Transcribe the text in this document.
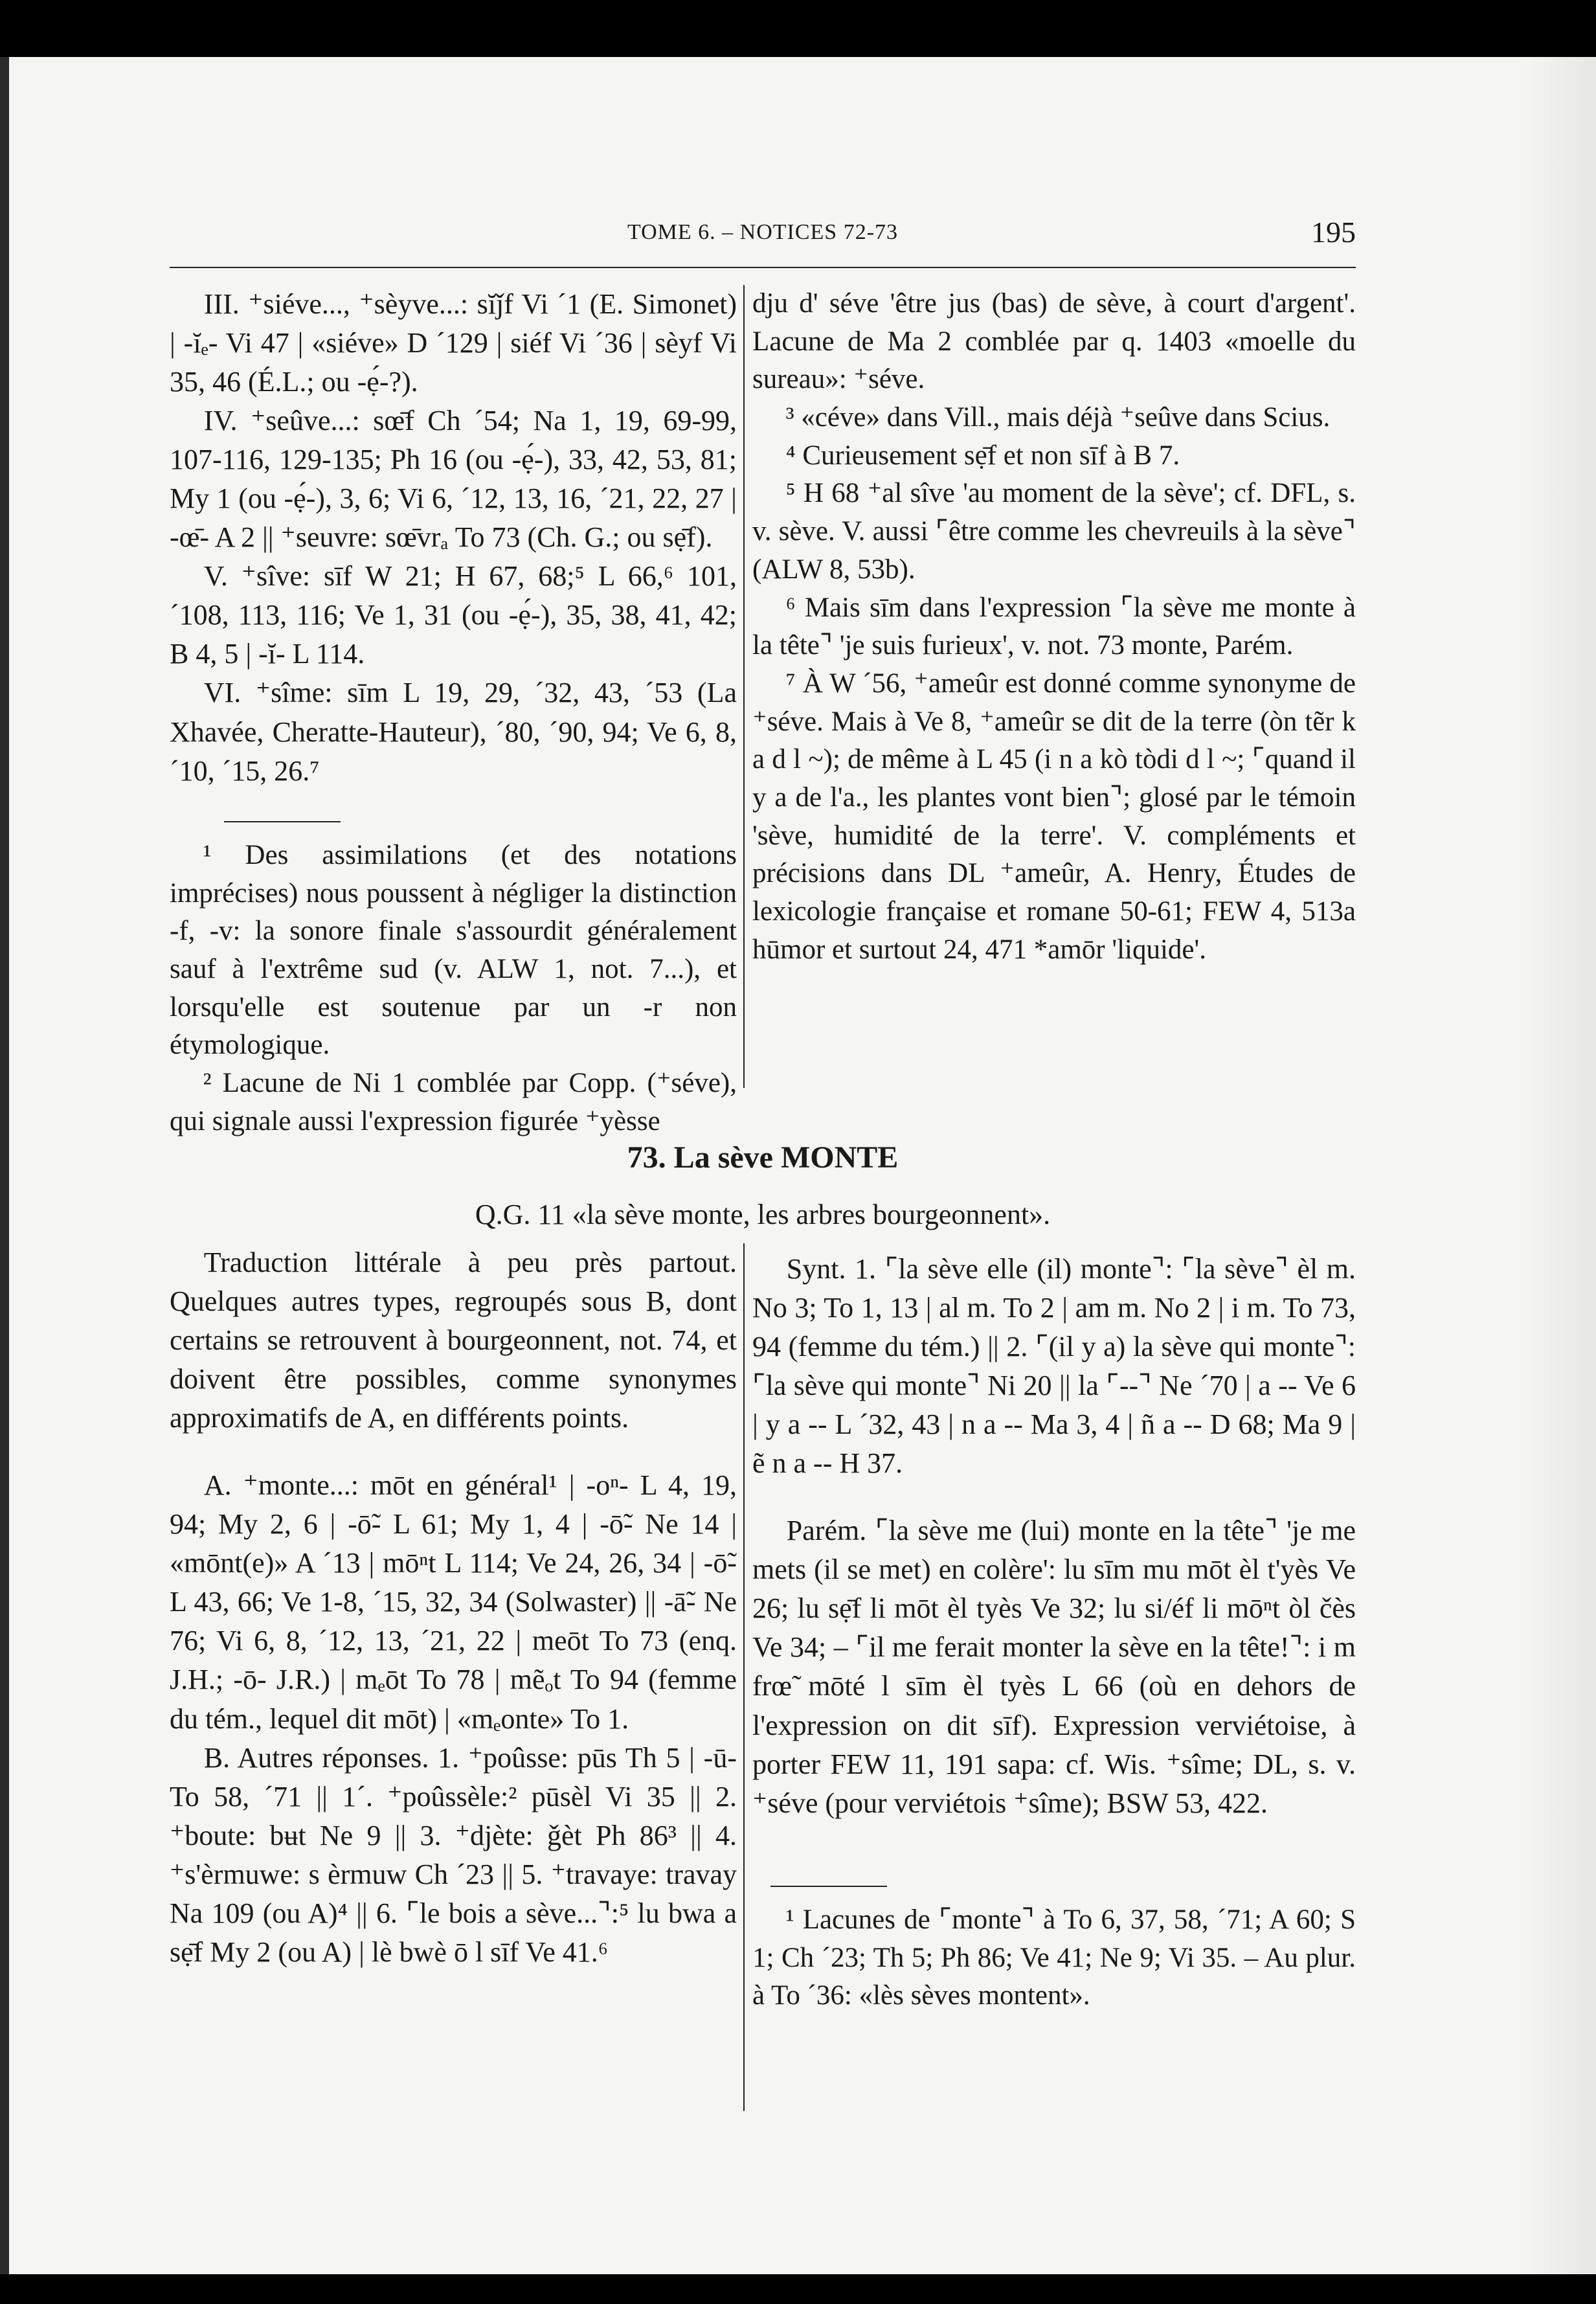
TOME 6. – NOTICES 72-73	195

III. ⁺siéve..., ⁺sèyve...: sĭǰf Vi ´1 (E. Simonet) | -ĭₑ- Vi 47 | «siéve» D ´129 | siéf Vi ´36 | sèyf Vi 35, 46 (É.L.; ou -ẹ́-?).

IV. ⁺seûve...: sœ̄f Ch ´54; Na 1, 19, 69-99, 107-116, 129-135; Ph 16 (ou -ẹ́-), 33, 42, 53, 81; My 1 (ou -ẹ́-), 3, 6; Vi 6, ´12, 13, 16, ´21, 22, 27 | -œ̄- A 2 || ⁺seuvre: sœ̄vrₐ To 73 (Ch. G.; ou sẹ̄f).

V. ⁺sîve: sīf W 21; H 67, 68;⁵ L 66,⁶ 101, ´108, 113, 116; Ve 1, 31 (ou -ẹ́-), 35, 38, 41, 42; B 4, 5 | -ĭ- L 114.

VI. ⁺sîme: sīm L 19, 29, ´32, 43, ´53 (La Xhavée, Cheratte-Hauteur), ´80, ´90, 94; Ve 6, 8, ´10, ´15, 26.⁷

¹ Des assimilations (et des notations imprécises) nous poussent à négliger la distinction -f, -v: la sonore finale s'assourdit généralement sauf à l'extrême sud (v. ALW 1, not. 7...), et lorsqu'elle est soutenue par un -r non étymologique.

² Lacune de Ni 1 comblée par Copp. (⁺séve), qui signale aussi l'expression figurée ⁺yèsse

dju d' séve 'être jus (bas) de sève, à court d'argent'. Lacune de Ma 2 comblée par q. 1403 «moelle du sureau»: ⁺séve.

³ «céve» dans Vill., mais déjà ⁺seûve dans Scius.

⁴ Curieusement sẹ̄f et non sīf à B 7.

⁵ H 68 ⁺al sîve 'au moment de la sève'; cf. DFL, s. v. sève. V. aussi ⌜être comme les chevreuils à la sève⌝ (ALW 8, 53b).

⁶ Mais sīm dans l'expression ⌜la sève me monte à la tête⌝ 'je suis furieux', v. not. 73 monte, Parém.

⁷ À W ´56, ⁺ameûr est donné comme synonyme de ⁺séve. Mais à Ve 8, ⁺ameûr se dit de la terre (òn tẽr k a d l ~); de même à L 45 (i n a kò tòdi d l ~; ⌜quand il y a de l'a., les plantes vont bien⌝; glosé par le témoin 'sève, humidité de la terre'. V. compléments et précisions dans DL ⁺ameûr, A. Henry, Études de lexicologie française et romane 50-61; FEW 4, 513a hūmor et surtout 24, 471 *amōr 'liquide'.

73. La sève MONTE
Q.G. 11 «la sève monte, les arbres bourgeonnent».

Traduction littérale à peu près partout. Quelques autres types, regroupés sous B, dont certains se retrouvent à bourgeonnent, not. 74, et doivent être possibles, comme synonymes approximatifs de A, en différents points.

A. ⁺monte...: mōt en général¹ | -oⁿ- L 4, 19, 94; My 2, 6 | -ō̃- L 61; My 1, 4 | -ō̃- Ne 14 | «mōnt(e)» A ´13 | mōⁿt L 114; Ve 24, 26, 34 | -ō̃- L 43, 66; Ve 1-8, ´15, 32, 34 (Solwaster) || -ā̃- Ne 76; Vi 6, 8, ´12, 13, ´21, 22 | meōt To 73 (enq. J.H.; -ō- J.R.) | mₑōt To 78 | mẽₒt To 94 (femme du tém., lequel dit mōt) | «mₑonte» To 1.

B. Autres réponses. 1. ⁺poûsse: pūs Th 5 | -ū- To 58, ´71 || 1´. ⁺poûssèle:² pūsèl Vi 35 || 2. ⁺boute: bʉt Ne 9 || 3. ⁺djète: ǧèt Ph 86³ || 4. ⁺s'èrmuwe: s èrmuw Ch ´23 || 5. ⁺travaye: travay Na 109 (ou A)⁴ || 6. ⌜le bois a sève...⌝:⁵ lu bwa a sẹ̄f My 2 (ou A) | lè bwè ō l sīf Ve 41.⁶

Synt. 1. ⌜la sève elle (il) monte⌝: ⌜la sève⌝ èl m. No 3; To 1, 13 | al m. To 2 | am m. No 2 | i m. To 73, 94 (femme du tém.) || 2. ⌜(il y a) la sève qui monte⌝: ⌜la sève qui monte⌝ Ni 20 || la ⌜--⌝ Ne ´70 | a -- Ve 6 | y a -- L ´32, 43 | n a -- Ma 3, 4 | ñ a -- D 68; Ma 9 | ẽ n a -- H 37.

Parém. ⌜la sève me (lui) monte en la tête⌝ 'je me mets (il se met) en colère': lu sīm mu mōt èl t'yès Ve 26; lu sẹ̄f li mōt èl tyès Ve 32; lu si/éf li mōⁿt òl čès Ve 34; – ⌜il me ferait monter la sève en la tête!⌝: i m frœ̃ mōté l sīm èl tyès L 66 (où en dehors de l'expression on dit sīf). Expression verviétoise, à porter FEW 11, 191 sapa: cf. Wis. ⁺sîme; DL, s. v. ⁺séve (pour verviétois ⁺sîme); BSW 53, 422.

¹ Lacunes de ⌜monte⌝ à To 6, 37, 58, ´71; A 60; S 1; Ch ´23; Th 5; Ph 86; Ve 41; Ne 9; Vi 35. – Au plur. à To ´36: «lès sèves montent».
